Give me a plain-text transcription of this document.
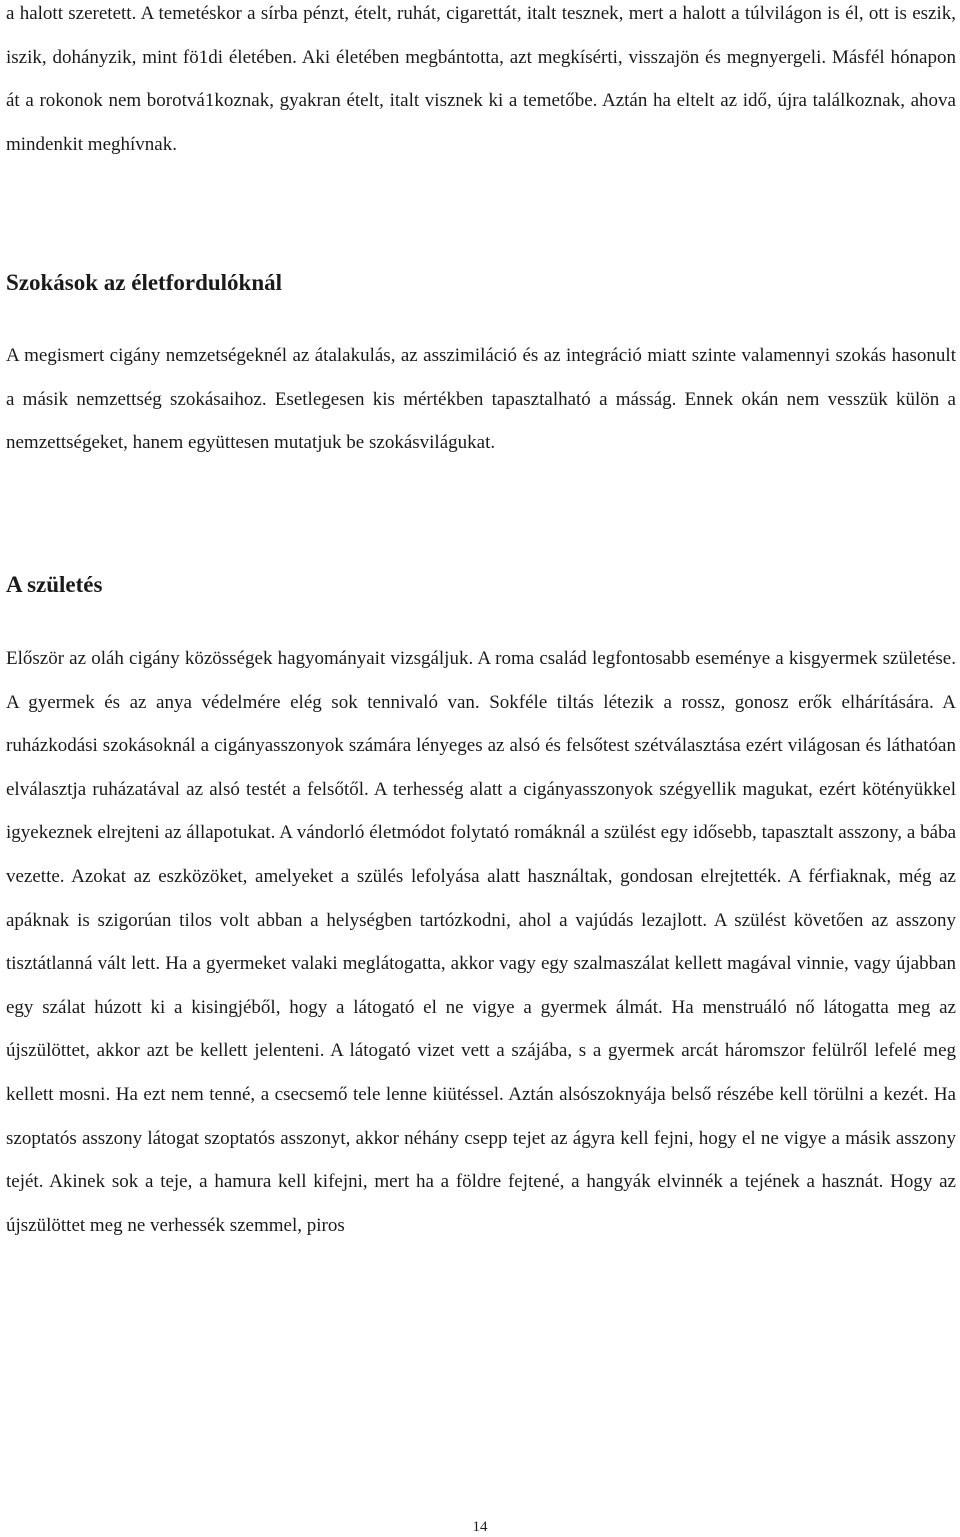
a halott szeretett. A temetéskor a sírba pénzt, ételt, ruhát, cigarettát, italt tesznek, mert a halott a túlvilágon is él, ott is eszik, iszik, dohányzik, mint fö1di életében. Aki életében megbántotta, azt megkísérti, visszajön és megnyergeli. Másfél hónapon át a rokonok nem borotvá1koznak, gyakran ételt, italt visznek ki a temetőbe. Aztán ha eltelt az idő, újra találkoznak, ahova mindenkit meghívnak.

Szokások az életfordulóknál

A megismert cigány nemzetségeknél az átalakulás, az asszimiláció és az integráció miatt szinte valamennyi szokás hasonult a másik nemzettség szokásaihoz. Esetlegesen kis mértékben tapasztalható a másság. Ennek okán nem vesszük külön a nemzettségeket, hanem együttesen mutatjuk be szokásvilágukat.

A születés

Először az oláh cigány közösségek hagyományait vizsgáljuk. A roma család legfontosabb eseménye a kisgyermek születése. A gyermek és az anya védelmére elég sok tennivaló van. Sokféle tiltás létezik a rossz, gonosz erők elhárítására. A ruházkodási szokásoknál a cigányasszonyok számára lényeges az alsó és felsőtest szétválasztása ezért világosan és láthatóan elválasztja ruházatával az alsó testét a felsőtől. A terhesség alatt a cigányasszonyok szégyellik magukat, ezért kötényükkel igyekeznek elrejteni az állapotukat. A vándorló életmódot folytató romáknál a szülést egy idősebb, tapasztalt asszony, a bába vezette. Azokat az eszközöket, amelyeket a szülés lefolyása alatt használtak, gondosan elrejtették. A férfiaknak, még az apáknak is szigorúan tilos volt abban a helységben tartózkodni, ahol a vajúdás lezajlott. A szülést követően az asszony tisztátlanná vált lett. Ha a gyermeket valaki meglátogatta, akkor vagy egy szalmaszálat kellett magával vinnie, vagy újabban egy szálat húzott ki a kisingjéből, hogy a látogató el ne vigye a gyermek álmát. Ha menstruáló nő látogatta meg az újszülöttet, akkor azt be kellett jelenteni. A látogató vizet vett a szájába, s a gyermek arcát háromszor felülről lefelé meg kellett mosni. Ha ezt nem tenné, a csecsemő tele lenne kiütéssel. Aztán alsószoknyája belső részébe kell törülni a kezét. Ha szoptatós asszony látogat szoptatós asszonyt, akkor néhány csepp tejet az ágyra kell fejni, hogy el ne vigye a másik asszony tejét. Akinek sok a teje, a hamura kell kifejni, mert ha a földre fejtené, a hangyák elvinnék a tejének a hasznát. Hogy az újszülöttet meg ne verhessék szemmel, piros

14
